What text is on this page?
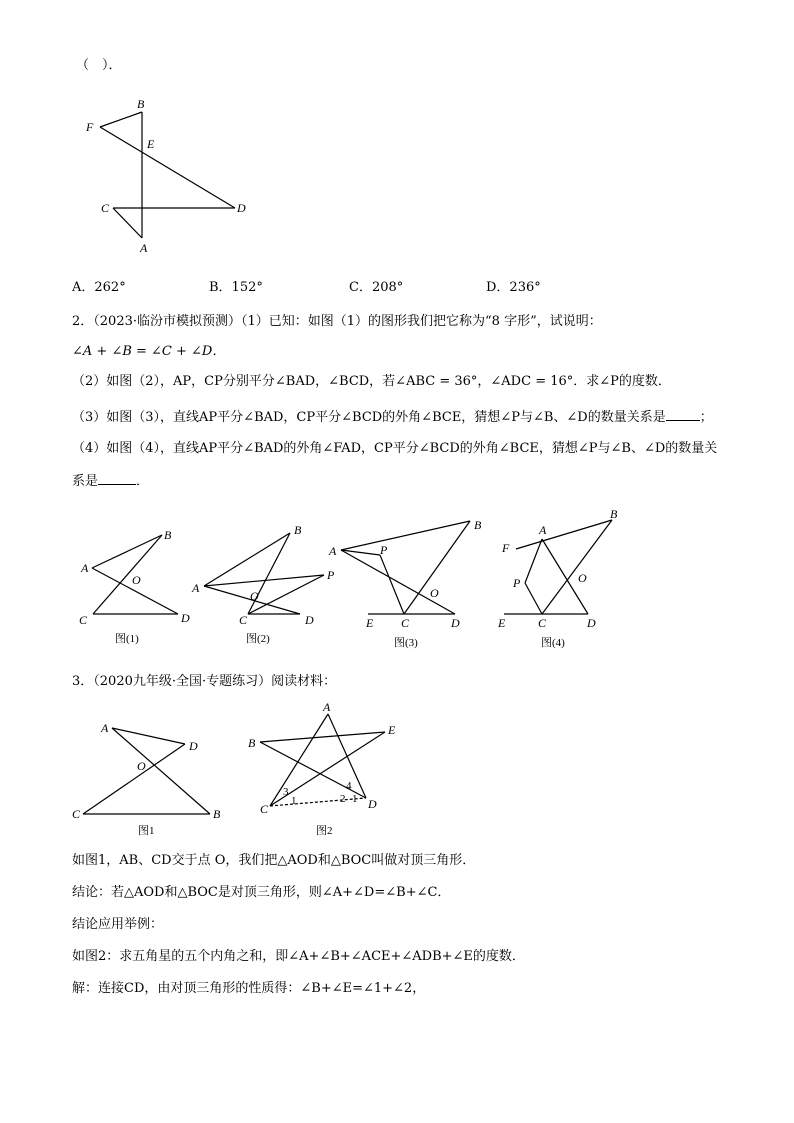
（　）．
B
F
E
C	D
A
A．262°	B．152°	C．208°	D．236°
2．（2023·临汾市模拟预测）（1）已知：如图（1）的图形我们把它称为“8 字形”，试说明：
∠A + ∠B = ∠C + ∠D．
（2）如图（2），AP，CP分别平分∠BAD，∠BCD，若∠ABC = 36°，∠ADC = 16°．求∠P的度数．
（3）如图（3），直线AP平分∠BAD，CP平分∠BCD的外角∠BCE，猜想∠P与∠B、∠D的数量关系是	；
（4）如图（4），直线AP平分∠BAD的外角∠FAD，CP平分∠BCD的外角∠BCE，猜想∠P与∠B、∠D的数量关
系是	．
B
A
O
C	D
图(1)
B
A
P
O
C	D
图(2)
B
A	P
O
E C	D
图(3)
A
B
F
P	O
E	C	D
图(4)
3．（2020九年级·全国·专题练习）阅读材料：
A
D
O
C	B
图1
A
B
E
3
1
4
2 1
C	D
图2
如图1，AB、CD交于点 O，我们把△AOD和△BOC叫做对顶三角形．
结论：若△AOD和△BOC是对顶三角形，则∠A+∠D=∠B+∠C．
结论应用举例：
如图2：求五角星的五个内角之和，即∠A+∠B+∠ACE+∠ADB+∠E的度数．
解：连接CD，由对顶三角形的性质得：∠B+∠E=∠1+∠2，
